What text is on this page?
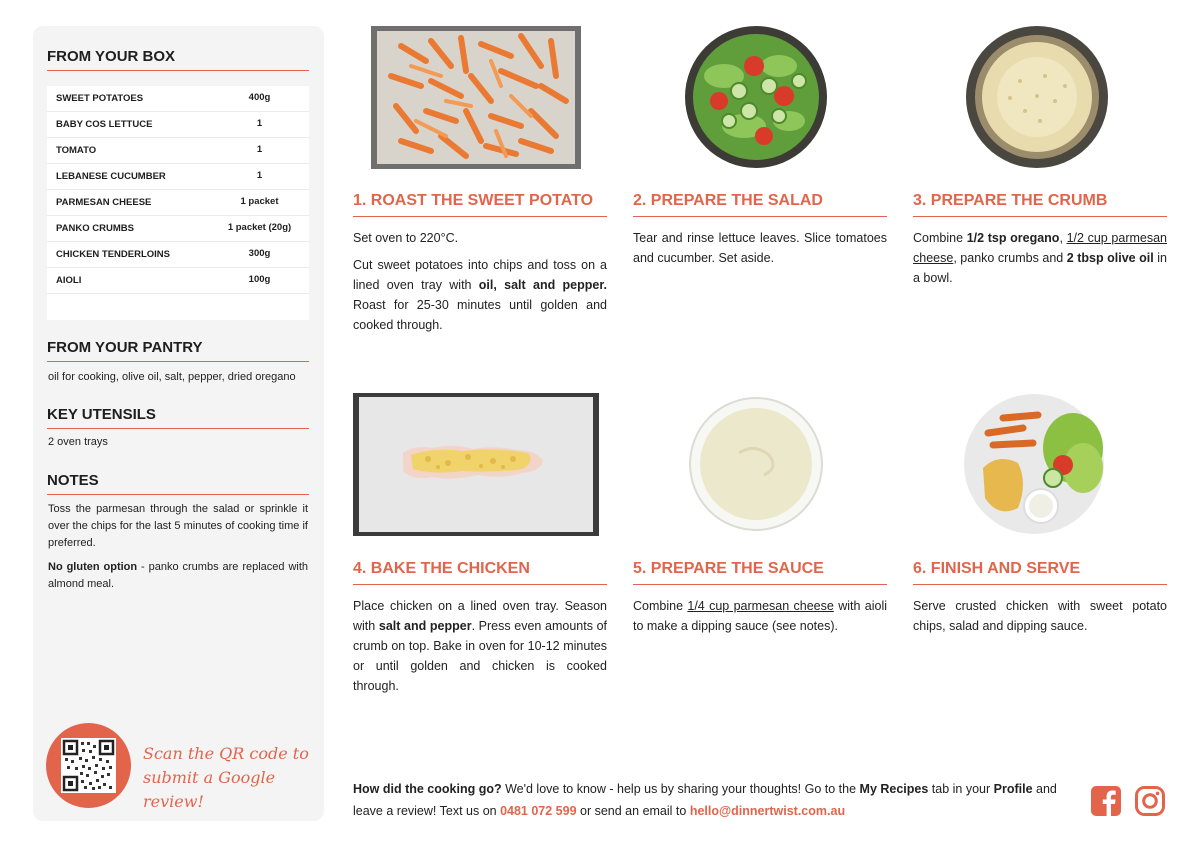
FROM YOUR BOX
SWEET POTATOES	400g
BABY COS LETTUCE	1
TOMATO	1
LEBANESE CUCUMBER	1
PARMESAN CHEESE	1 packet
PANKO CRUMBS	1 packet (20g)
CHICKEN TENDERLOINS	300g
AIOLI	100g
FROM YOUR PANTRY
oil for cooking, olive oil, salt, pepper, dried oregano
KEY UTENSILS
2 oven trays
NOTES

Toss the parmesan through the salad or sprinkle it over the chips for the last 5 minutes of cooking time if preferred.

No gluten option - panko crumbs are replaced with almond meal.

Scan the QR code to submit a Google review!
1. ROAST THE SWEET POTATO

Set oven to 220°C.

Cut sweet potatoes into chips and toss on a lined oven tray with oil, salt and pepper. Roast for 25-30 minutes until golden and cooked through.

2. PREPARE THE SALAD

Tear and rinse lettuce leaves. Slice tomatoes and cucumber. Set aside.

3. PREPARE THE CRUMB

Combine 1/2 tsp oregano, 1/2 cup parmesan cheese, panko crumbs and 2 tbsp olive oil in a bowl.

4. BAKE THE CHICKEN

Place chicken on a lined oven tray. Season with salt and pepper. Press even amounts of crumb on top. Bake in oven for 10-12 minutes or until golden and chicken is cooked through.

5. PREPARE THE SAUCE

Combine 1/4 cup parmesan cheese with aioli to make a dipping sauce (see notes).

6. FINISH AND SERVE

Serve crusted chicken with sweet potato chips, salad and dipping sauce.

How did the cooking go? We'd love to know - help us by sharing your thoughts! Go to the My Recipes tab in your Profile and leave a review! Text us on 0481 072 599 or send an email to hello@dinnertwist.com.au
